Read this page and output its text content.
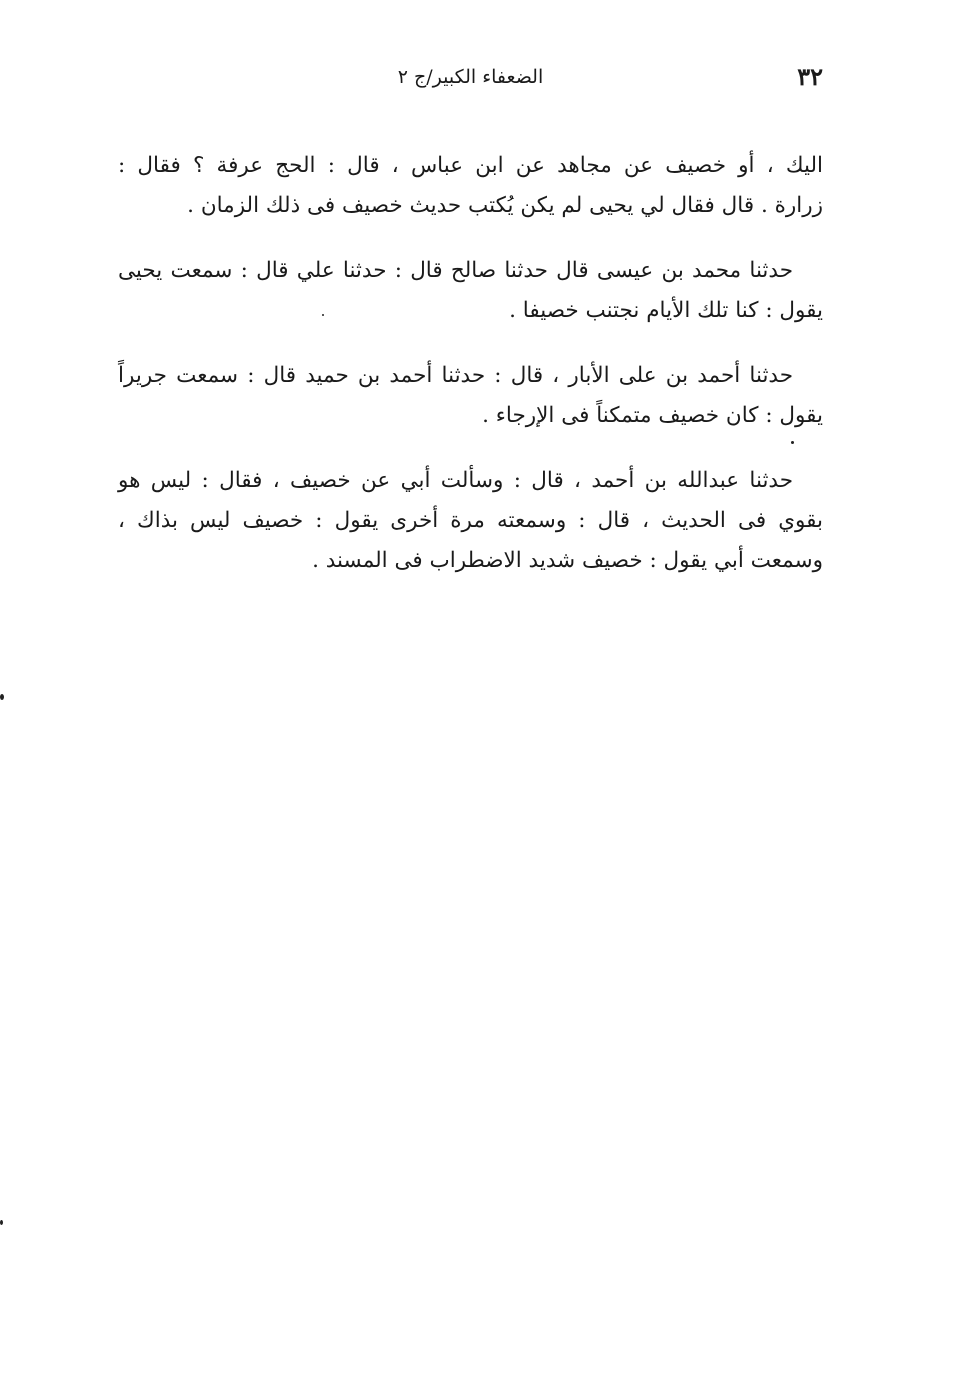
٣٢
الضعفاء الكبير/ج ٢

اليك ، أو خصيف عن مجاهد عن ابن عباس ، قال : الحج عرفة ؟ فقال :
زرارة . قال فقال لي يحيى لم يكن يُكتب حديث خصيف فى ذلك الزمان .

حدثنا محمد بن عيسى قال حدثنا صالح قال : حدثنا علي قال : سمعت يحيى
يقول : كنا تلك الأيام نجتنب خصيفا .

حدثنا أحمد بن على الأبار ، قال : حدثنا أحمد بن حميد قال : سمعت جريراً
يقول : كان خصيف متمكناً فى الإرجاء .

حدثنا عبدالله بن أحمد ، قال : وسألت أبي عن خصيف ، فقال : ليس هو
بقوي فى الحديث ، قال : وسمعته مرة أخرى يقول : خصيف ليس بذاك ،
وسمعت أبي يقول : خصيف شديد الاضطراب فى المسند .
